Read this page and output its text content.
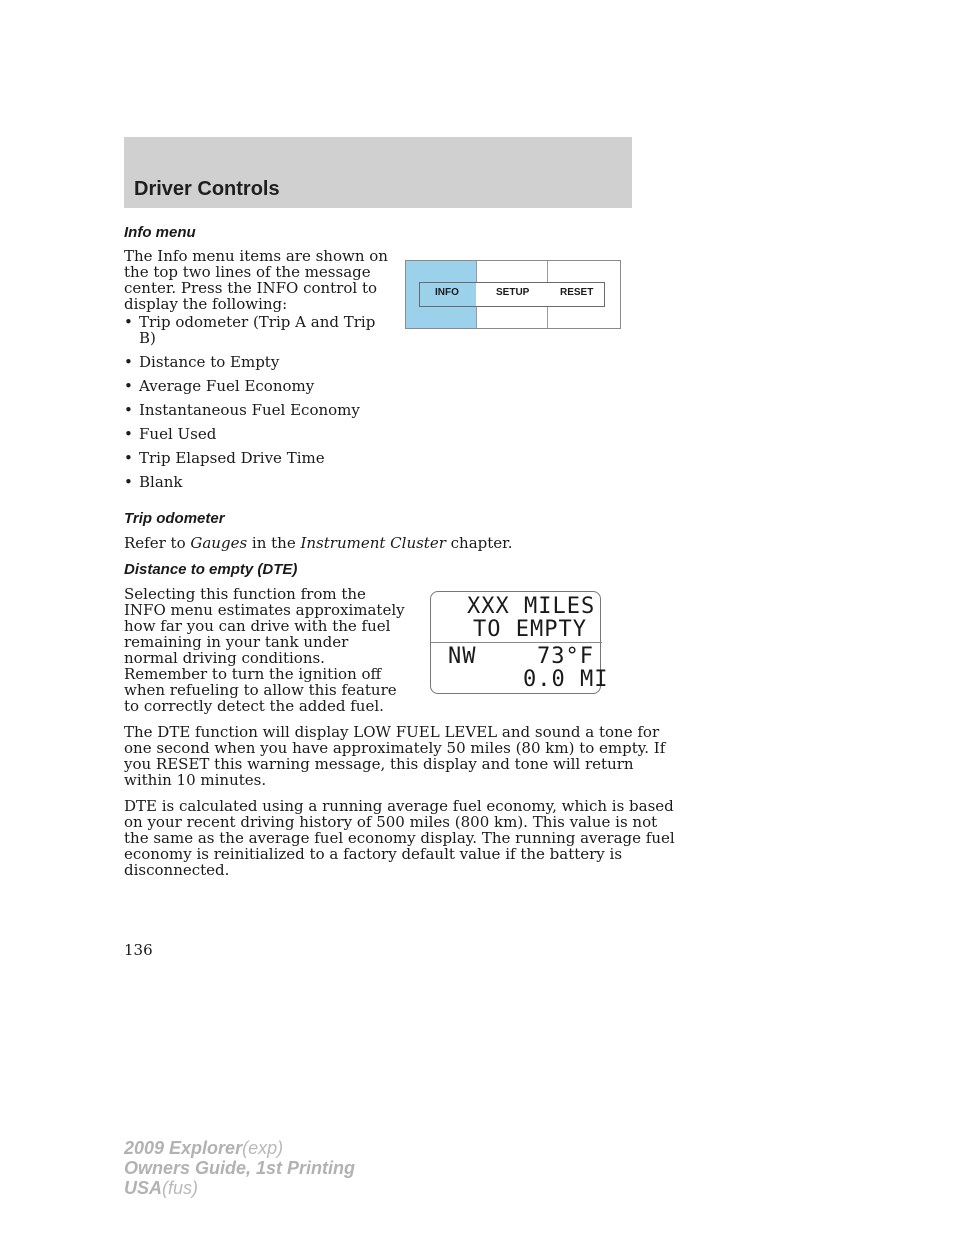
Driver Controls
Info menu
The Info menu items are shown on
the top two lines of the message
center. Press the INFO control to
display the following:
• Trip odometer (Trip A and Trip
B)
• Distance to Empty
• Average Fuel Economy
• Instantaneous Fuel Economy
• Fuel Used
• Trip Elapsed Drive Time
• Blank
Trip odometer
Refer to Gauges in the Instrument Cluster chapter.
Distance to empty (DTE)
Selecting this function from the
INFO menu estimates approximately
how far you can drive with the fuel
remaining in your tank under
normal driving conditions.
Remember to turn the ignition off
when refueling to allow this feature
to correctly detect the added fuel.
The DTE function will display LOW FUEL LEVEL and sound a tone for
one second when you have approximately 50 miles (80 km) to empty. If
you RESET this warning message, this display and tone will return
within 10 minutes.
DTE is calculated using a running average fuel economy, which is based
on your recent driving history of 500 miles (800 km). This value is not
the same as the average fuel economy display. The running average fuel
economy is reinitialized to a factory default value if the battery is
disconnected.
INFO	SETUP	RESET
XXX MILES
TO EMPTY
NW	73°F
0.0 MI
136
2009 Explorer(exp)
Owners Guide, 1st Printing
USA(fus)
